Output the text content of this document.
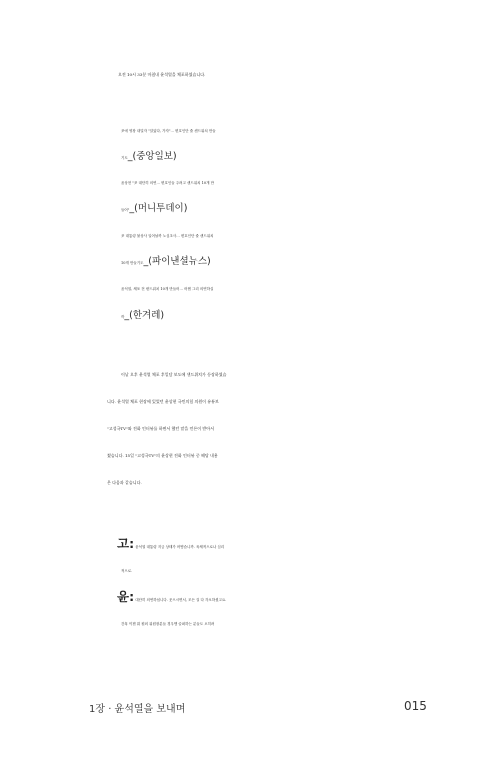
오전 10시 33분 마침내 윤석열을 체포하였습니다.
尹에 영장 내밀자 "알았다, 가자"… 변호인단 줄 샌드위치 만들
기도_(중앙일보)
윤상현 "尹 대단히 의연… 변호인들 주려고 샌드위치 10개 만
들어"_(머니투데이)
尹 대통령 불상사 일어날까 노심초사… 변호인단 줄 샌드위치
10개 만들기도_(파이낸셜뉴스)
윤석열, 체포 전 샌드위치 10개 만들어… 어쩜 그리 의연하실
까_(한겨레)
이날 오후 윤석열 체포 후일담 보도에 샌드위치가 등장하였습
니다. 윤석열 체포 현장에 있었던 윤상현 국민의힘 의원이 유튜브
"고성국TV"와 전화 인터뷰를 하면서 했던 말을 언론이 받아서
썼습니다. 15일 "고성국TV"의 윤상현 전화 인터뷰 중 해당 내용
은 다음과 같습니다.
고: 윤석열 대통령 지금 상태가 어떻습니까. 육체적으로나 심리
적으로.
윤: 대단히 의연하십니다. 웃으시면서, 모든 걸 다 각오하셨고요.
간혹 이젠 뭐 원외 위원장분들 경우엔 슬퍼하는 분들도 오히려
1장 · 윤석열을 보내며	015
